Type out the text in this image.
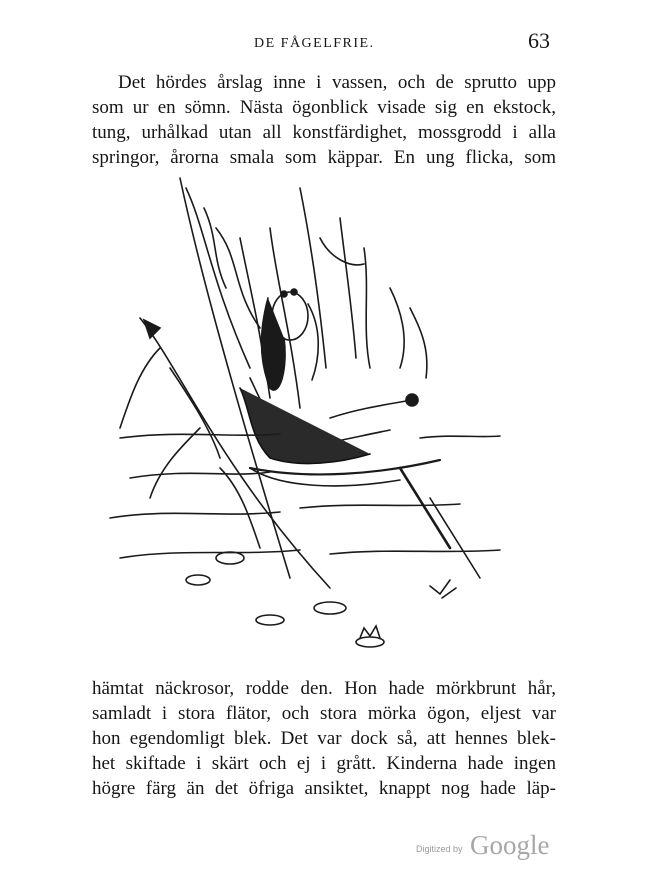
DE FÅGELFRIE.	63
Det hördes årslag inne i vassen, och de sprutto upp
som ur en sömn. Nästa ögonblick visade sig en ekstock,
tung, urhålkad utan all konstfärdighet, mossgrodd i alla
springor, årorna smala som käppar. En ung flicka, som
hämtat näckrosor, rodde den. Hon hade mörkbrunt hår,
samladt i stora flätor, och stora mörka ögon, eljest var
hon egendomligt blek. Det var dock så, att hennes blek-
het skiftade i skärt och ej i grått. Kinderna hade ingen
högre färg än det öfriga ansiktet, knappt nog hade läp-
Digitized by Google
